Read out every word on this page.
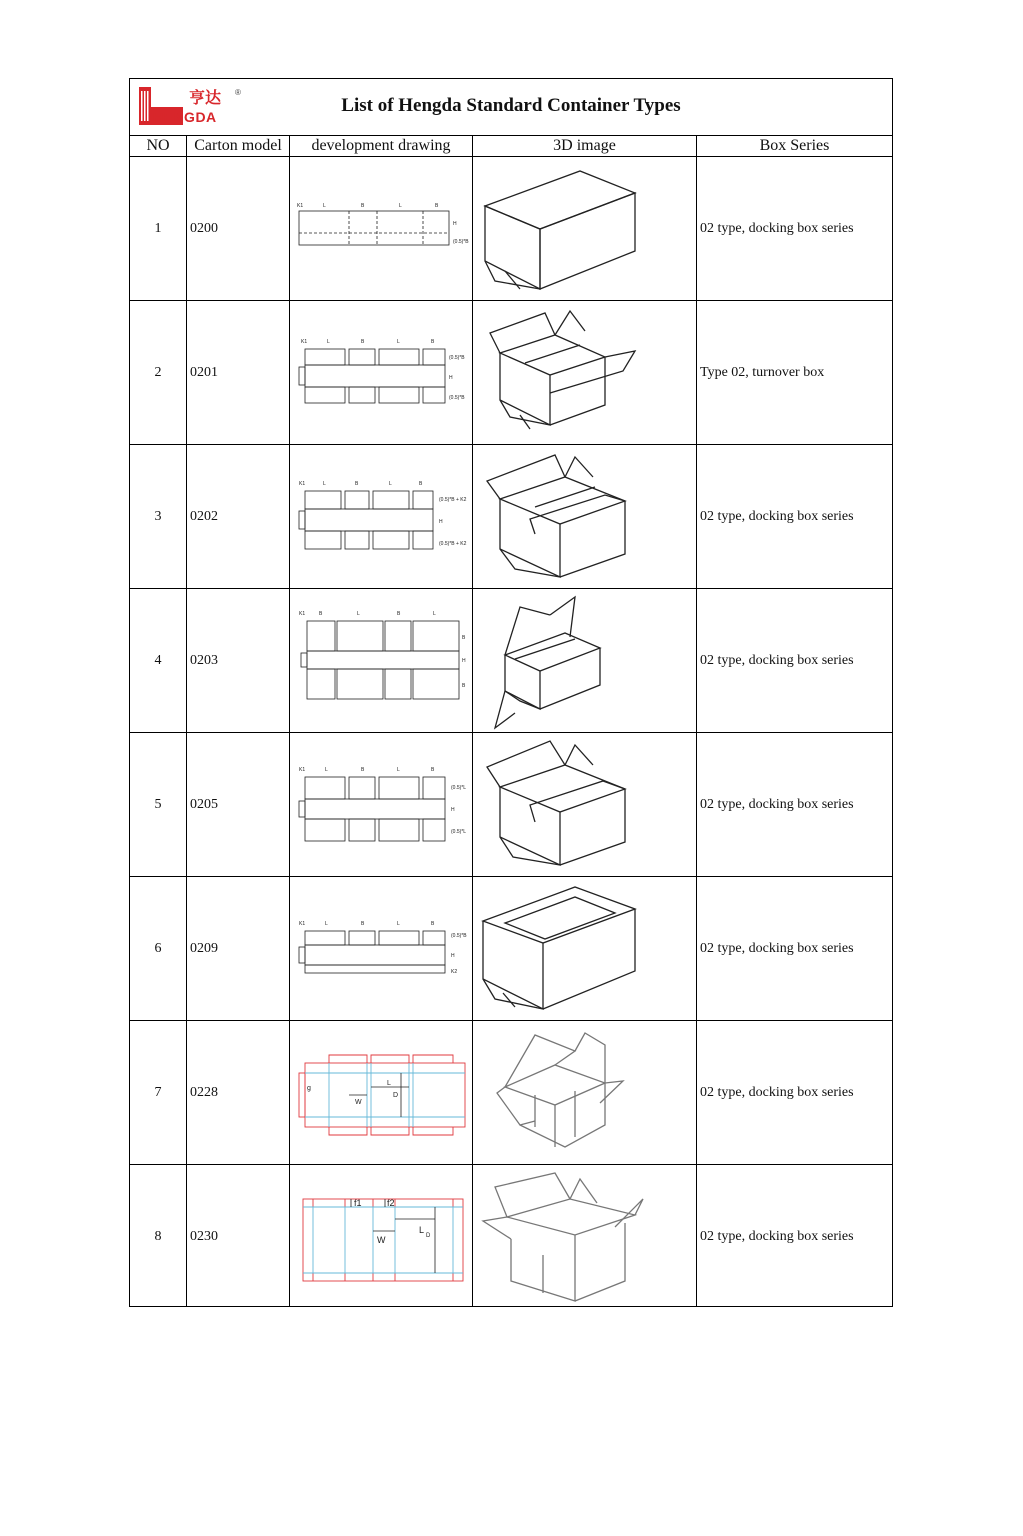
HENGDA
亨达 ®
List of Hengda Standard Container Types
NO	Carton model	development drawing	3D image	Box Series
1	0200	02 type, docking box series
K1	L	B	L	B
H
(0.5)*B
2	0201	Type 02, turnover box
K1	L	B	L	B
(0.5)*B
H
(0.5)*B
3	0202	02 type, docking box series
K1	L	B	L	B
(0.5)*B + K2
H
(0.5)*B + K2
4	0203	02 type, docking box series
K1	B	L	B	L
B
H
B
5	0205	02 type, docking box series
K1	L	B	L	B
(0.5)*L
H
(0.5)*L
6	0209	02 type, docking box series
K1	L	B	L	B
(0.5)*B
H
K2
7	0228	02 type, docking box series
g
W
L
D
8	0230	02 type, docking box series
f1	f2
W
L
D
